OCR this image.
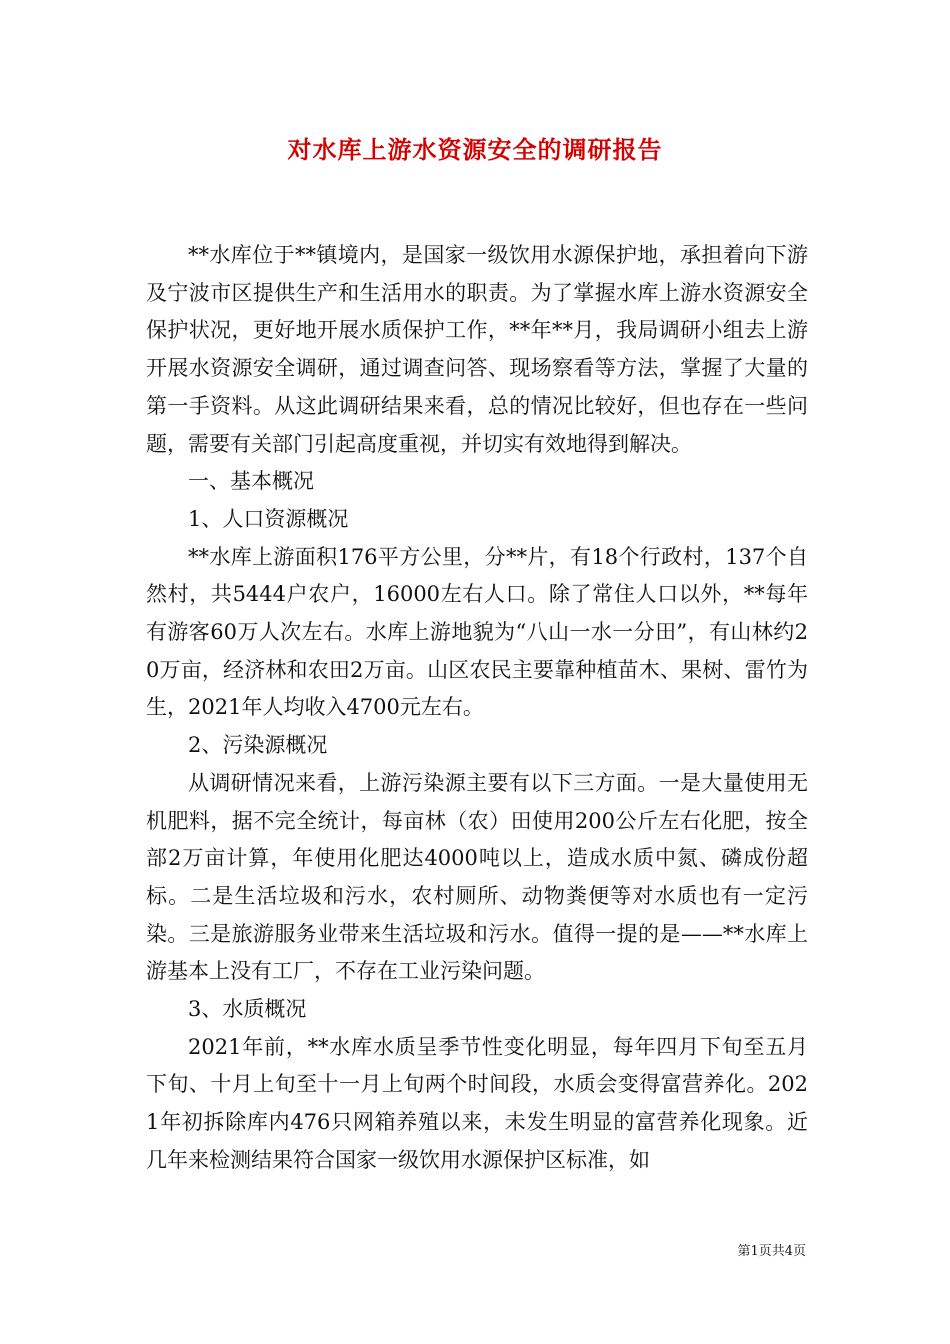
对水库上游水资源安全的调研报告

**水库位于**镇境内，是国家一级饮用水源保护地，承担着向下游及宁波市区提供生产和生活用水的职责。为了掌握水库上游水资源安全保护状况，更好地开展水质保护工作，**年**月，我局调研小组去上游开展水资源安全调研，通过调查问答、现场察看等方法，掌握了大量的第一手资料。从这此调研结果来看，总的情况比较好，但也存在一些问题，需要有关部门引起高度重视，并切实有效地得到解决。

一、基本概况

1、人口资源概况

**水库上游面积176平方公里，分**片，有18个行政村，137个自然村，共5444户农户，16000左右人口。除了常住人口以外，**每年有游客60万人次左右。水库上游地貌为“八山一水一分田”，有山林约20万亩，经济林和农田2万亩。山区农民主要靠种植苗木、果树、雷竹为生，2021年人均收入4700元左右。

2、污染源概况

从调研情况来看，上游污染源主要有以下三方面。一是大量使用无机肥料，据不完全统计，每亩林（农）田使用200公斤左右化肥，按全部2万亩计算，年使用化肥达4000吨以上，造成水质中氮、磷成份超标。二是生活垃圾和污水，农村厕所、动物粪便等对水质也有一定污染。三是旅游服务业带来生活垃圾和污水。值得一提的是——**水库上游基本上没有工厂，不存在工业污染问题。

3、水质概况

2021年前，**水库水质呈季节性变化明显，每年四月下旬至五月下旬、十月上旬至十一月上旬两个时间段，水质会变得富营养化。2021年初拆除库内476只网箱养殖以来，未发生明显的富营养化现象。近几年来检测结果符合国家一级饮用水源保护区标准，如

第1页共4页
